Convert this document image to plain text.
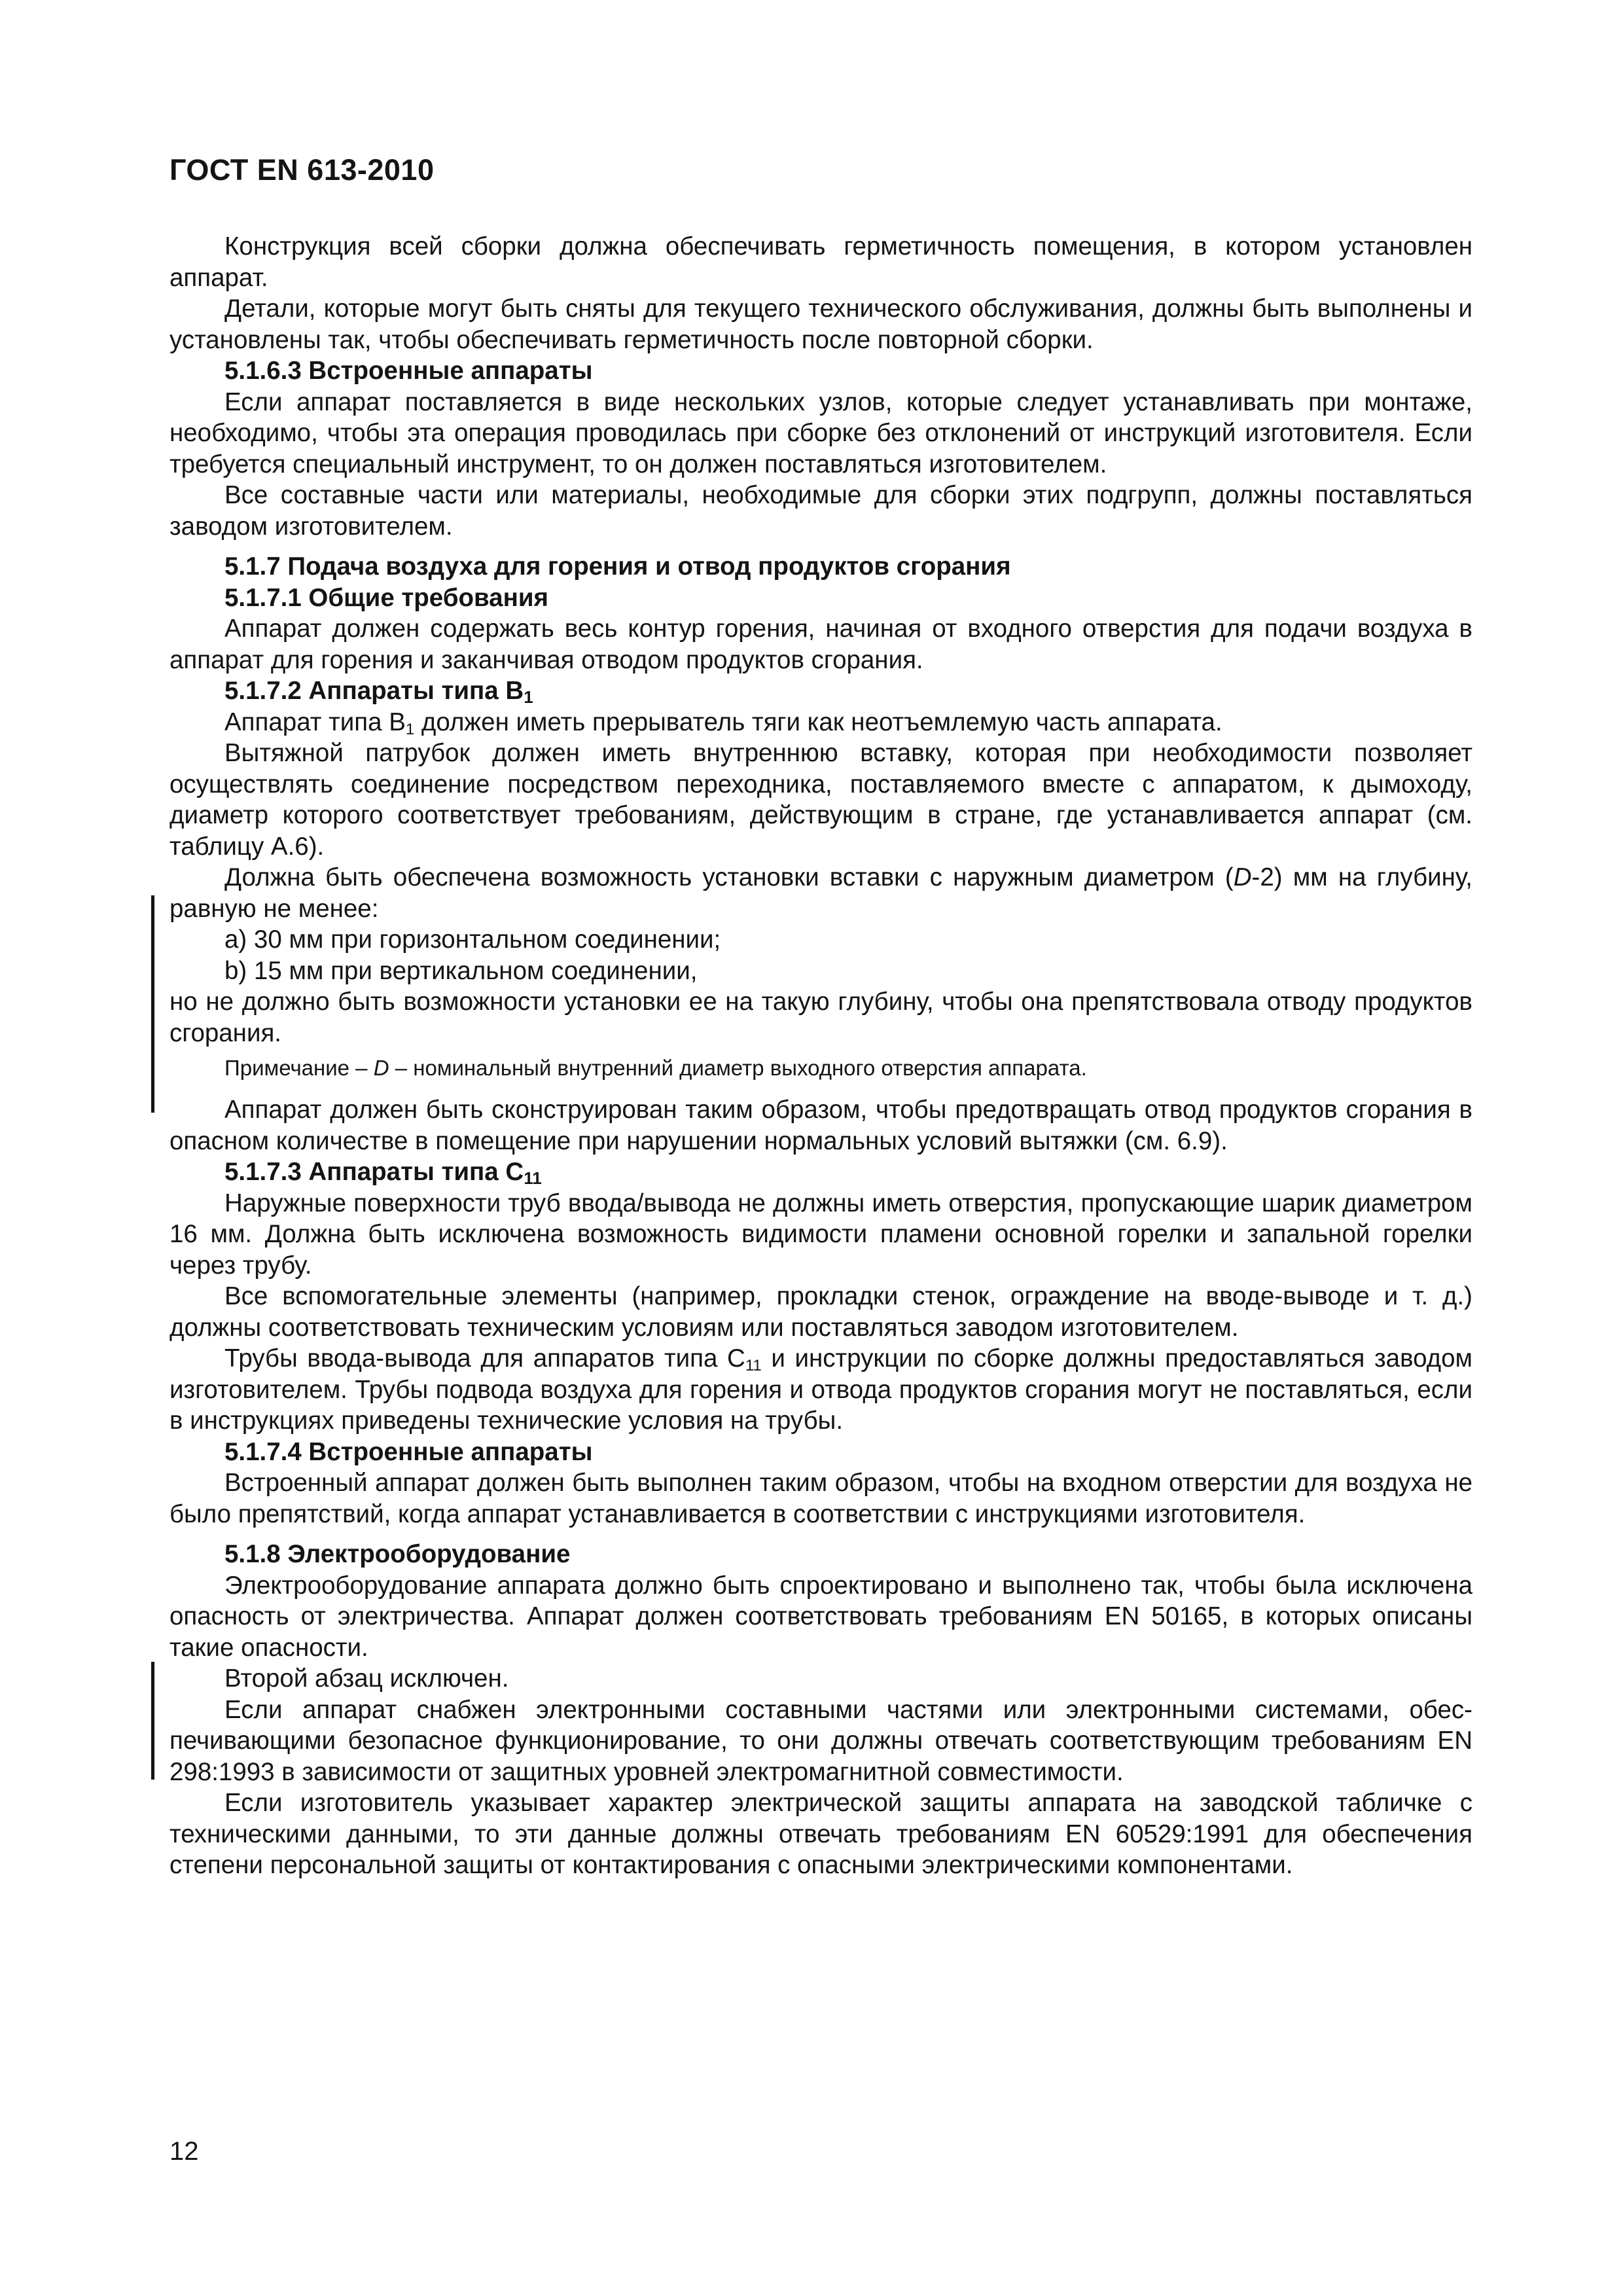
ГОСТ EN 613-2010

Конструкция всей сборки должна обеспечивать герметичность помещения, в котором установлен аппарат.

Детали, которые могут быть сняты для текущего технического обслуживания, должны быть выполнены и установлены так, чтобы обеспечивать герметичность после повторной сборки.

5.1.6.3 Встроенные аппараты

Если аппарат поставляется в виде нескольких узлов, которые следует устанавливать при монтаже, необходимо, чтобы эта операция проводилась при сборке без отклонений от инструкций изготовителя. Если требуется специальный инструмент, то он должен поставляться изготовителем.

Все составные части или материалы, необходимые для сборки этих подгрупп, должны поставляться заводом изготовителем.

5.1.7 Подача воздуха для горения и отвод продуктов сгорания
5.1.7.1 Общие требования

Аппарат должен содержать весь контур горения, начиная от входного отверстия для подачи воздуха в аппарат для горения и заканчивая отводом продуктов сгорания.

5.1.7.2 Аппараты типа $B_1$

Аппарат типа $B_1$ должен иметь прерыватель тяги как неотъемлемую часть аппарата.

Вытяжной патрубок должен иметь внутреннюю вставку, которая при необходимости позволяет осуществлять соединение посредством переходника, поставляемого вместе с аппаратом, к дымоходу, диаметр которого соответствует требованиям, действующим в стране, где устанавливается аппарат (см. таблицу А.6).

Должна быть обеспечена возможность установки вставки с наружным диаметром (D-2) мм на глубину, равную не менее:

a) 30 мм при горизонтальном соединении;

b) 15 мм при вертикальном соединении,

но не должно быть возможности установки ее на такую глубину, чтобы она препятствовала отводу продуктов сгорания.

Примечание – D – номинальный внутренний диаметр выходного отверстия аппарата.

Аппарат должен быть сконструирован таким образом, чтобы предотвращать отвод продуктов сгорания в опасном количестве в помещение при нарушении нормальных условий вытяжки (см. 6.9).

5.1.7.3 Аппараты типа $C_{11}$

Наружные поверхности труб ввода/вывода не должны иметь отверстия, пропускающие шарик диаметром 16 мм. Должна быть исключена возможность видимости пламени основной горелки и запальной горелки через трубу.

Все вспомогательные элементы (например, прокладки стенок, ограждение на вводе-выводе и т. д.) должны соответствовать техническим условиям или поставляться заводом изготовителем.

Трубы ввода-вывода для аппаратов типа $C_{11}$ и инструкции по сборке должны предоставляться заводом изготовителем. Трубы подвода воздуха для горения и отвода продуктов сгорания могут не поставляться, если в инструкциях приведены технические условия на трубы.

5.1.7.4 Встроенные аппараты

Встроенный аппарат должен быть выполнен таким образом, чтобы на входном отверстии для воздуха не было препятствий, когда аппарат устанавливается в соответствии с инструкциями изготовителя.

5.1.8 Электрооборудование

Электрооборудование аппарата должно быть спроектировано и выполнено так, чтобы была исключена опасность от электричества. Аппарат должен соответствовать требованиям EN 50165, в которых описаны такие опасности.

Второй абзац исключен.

Если аппарат снабжен электронными составными частями или электронными системами, обеспечивающими безопасное функционирование, то они должны отвечать соответствующим требованиям EN 298:1993 в зависимости от защитных уровней электромагнитной совместимости.

Если изготовитель указывает характер электрической защиты аппарата на заводской табличке с техническими данными, то эти данные должны отвечать требованиям EN 60529:1991 для обеспечения степени персональной защиты от контактирования с опасными электрическими компонентами.

12
